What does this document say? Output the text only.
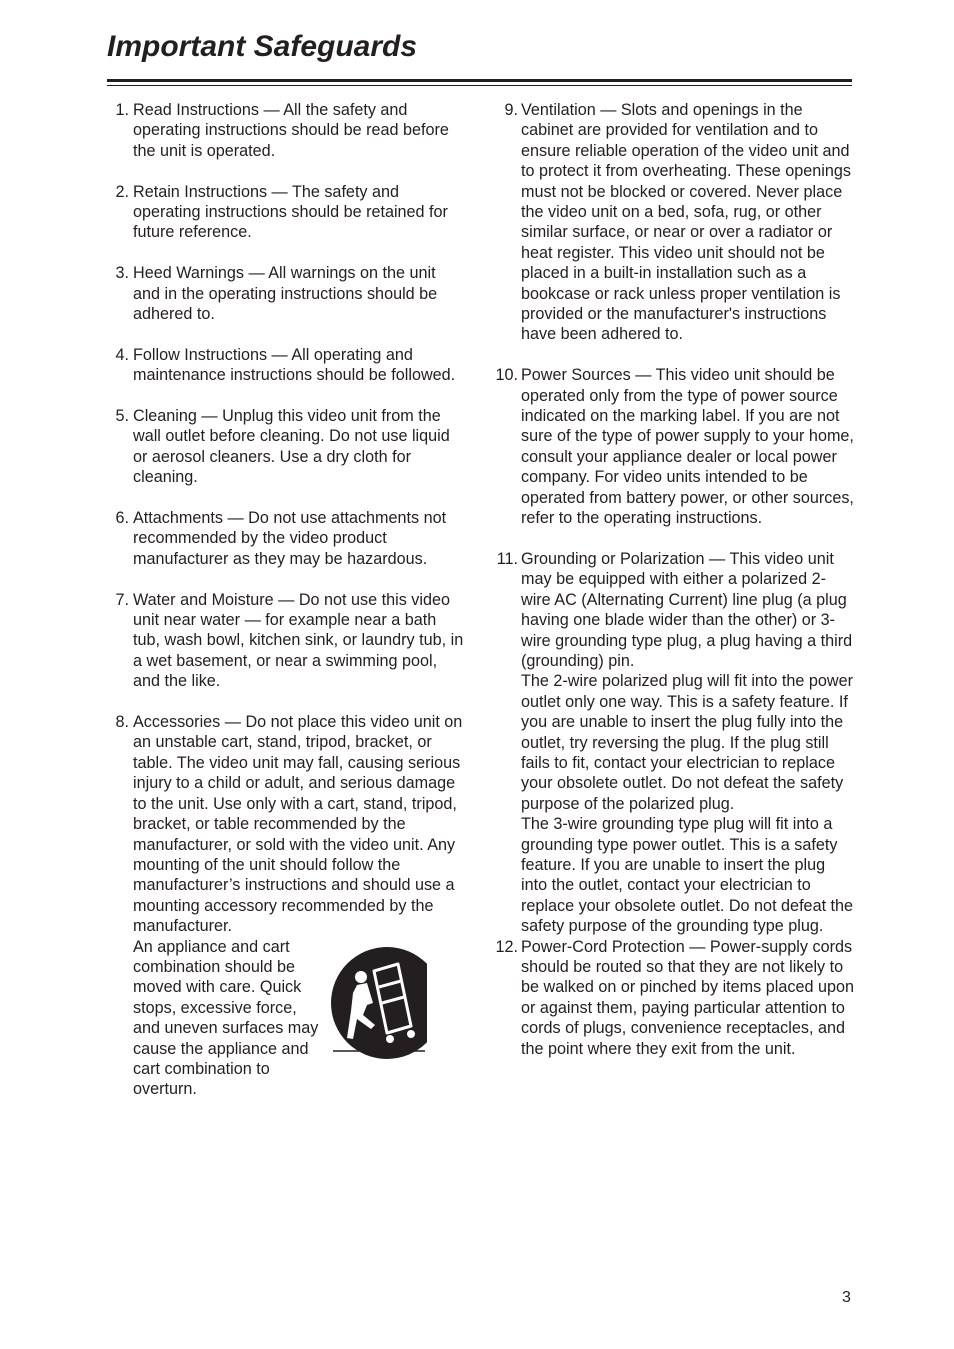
Important Safeguards
1. Read Instructions — All the safety and operating instructions should be read before the unit is operated.

2. Retain Instructions — The safety and operating instructions should be retained for future reference.

3. Heed Warnings — All warnings on the unit and in the operating instructions should be adhered to.

4. Follow Instructions — All operating and maintenance instructions should be followed.

5. Cleaning — Unplug this video unit from the wall outlet before cleaning. Do not use liquid or aerosol cleaners. Use a dry cloth for cleaning.

6. Attachments — Do not use attachments not recommended by the video product manufacturer as they may be hazardous.

7. Water and Moisture — Do not use this video unit near water — for example near a bath tub, wash bowl, kitchen sink, or laundry tub, in a wet basement, or near a swimming pool, and the like.

8. Accessories — Do not place this video unit on an unstable cart, stand, tripod, bracket, or table. The video unit may fall, causing serious injury to a child or adult, and serious damage to the unit. Use only with a cart, stand, tripod, bracket, or table recommended by the manufacturer, or sold with the video unit. Any mounting of the unit should follow the manufacturer’s instructions and should use a mounting accessory recommended by the manufacturer.

An appliance and cart combination should be moved with care. Quick stops, excessive force, and uneven surfaces may cause the appliance and cart combination to overturn.

9. Ventilation — Slots and openings in the cabinet are provided for ventilation and to ensure reliable operation of the video unit and to protect it from overheating. These openings must not be blocked or covered. Never place the video unit on a bed, sofa, rug, or other similar surface, or near or over a radiator or heat register. This video unit should not be placed in a built-in installation such as a bookcase or rack unless proper ventilation is provided or the manufacturer's instructions have been adhered to.

10. Power Sources — This video unit should be operated only from the type of power source indicated on the marking label. If you are not sure of the type of power supply to your home, consult your appliance dealer or local power company. For video units intended to be operated from battery power, or other sources, refer to the operating instructions.

11. Grounding or Polarization — This video unit may be equipped with either a polarized 2-wire AC (Alternating Current) line plug (a plug having one blade wider than the other) or 3-wire grounding type plug, a plug having a third (grounding) pin.

The 2-wire polarized plug will fit into the power outlet only one way. This is a safety feature. If you are unable to insert the plug fully into the outlet, try reversing the plug. If the plug still fails to fit, contact your electrician to replace your obsolete outlet. Do not defeat the safety purpose of the polarized plug.

The 3-wire grounding type plug will fit into a grounding type power outlet. This is a safety feature. If you are unable to insert the plug into the outlet, contact your electrician to replace your obsolete outlet. Do not defeat the safety purpose of the grounding type plug.

12. Power-Cord Protection — Power-supply cords should be routed so that they are not likely to be walked on or pinched by items placed upon or against them, paying particular attention to cords of plugs, convenience receptacles, and the point where they exit from the unit.

3
